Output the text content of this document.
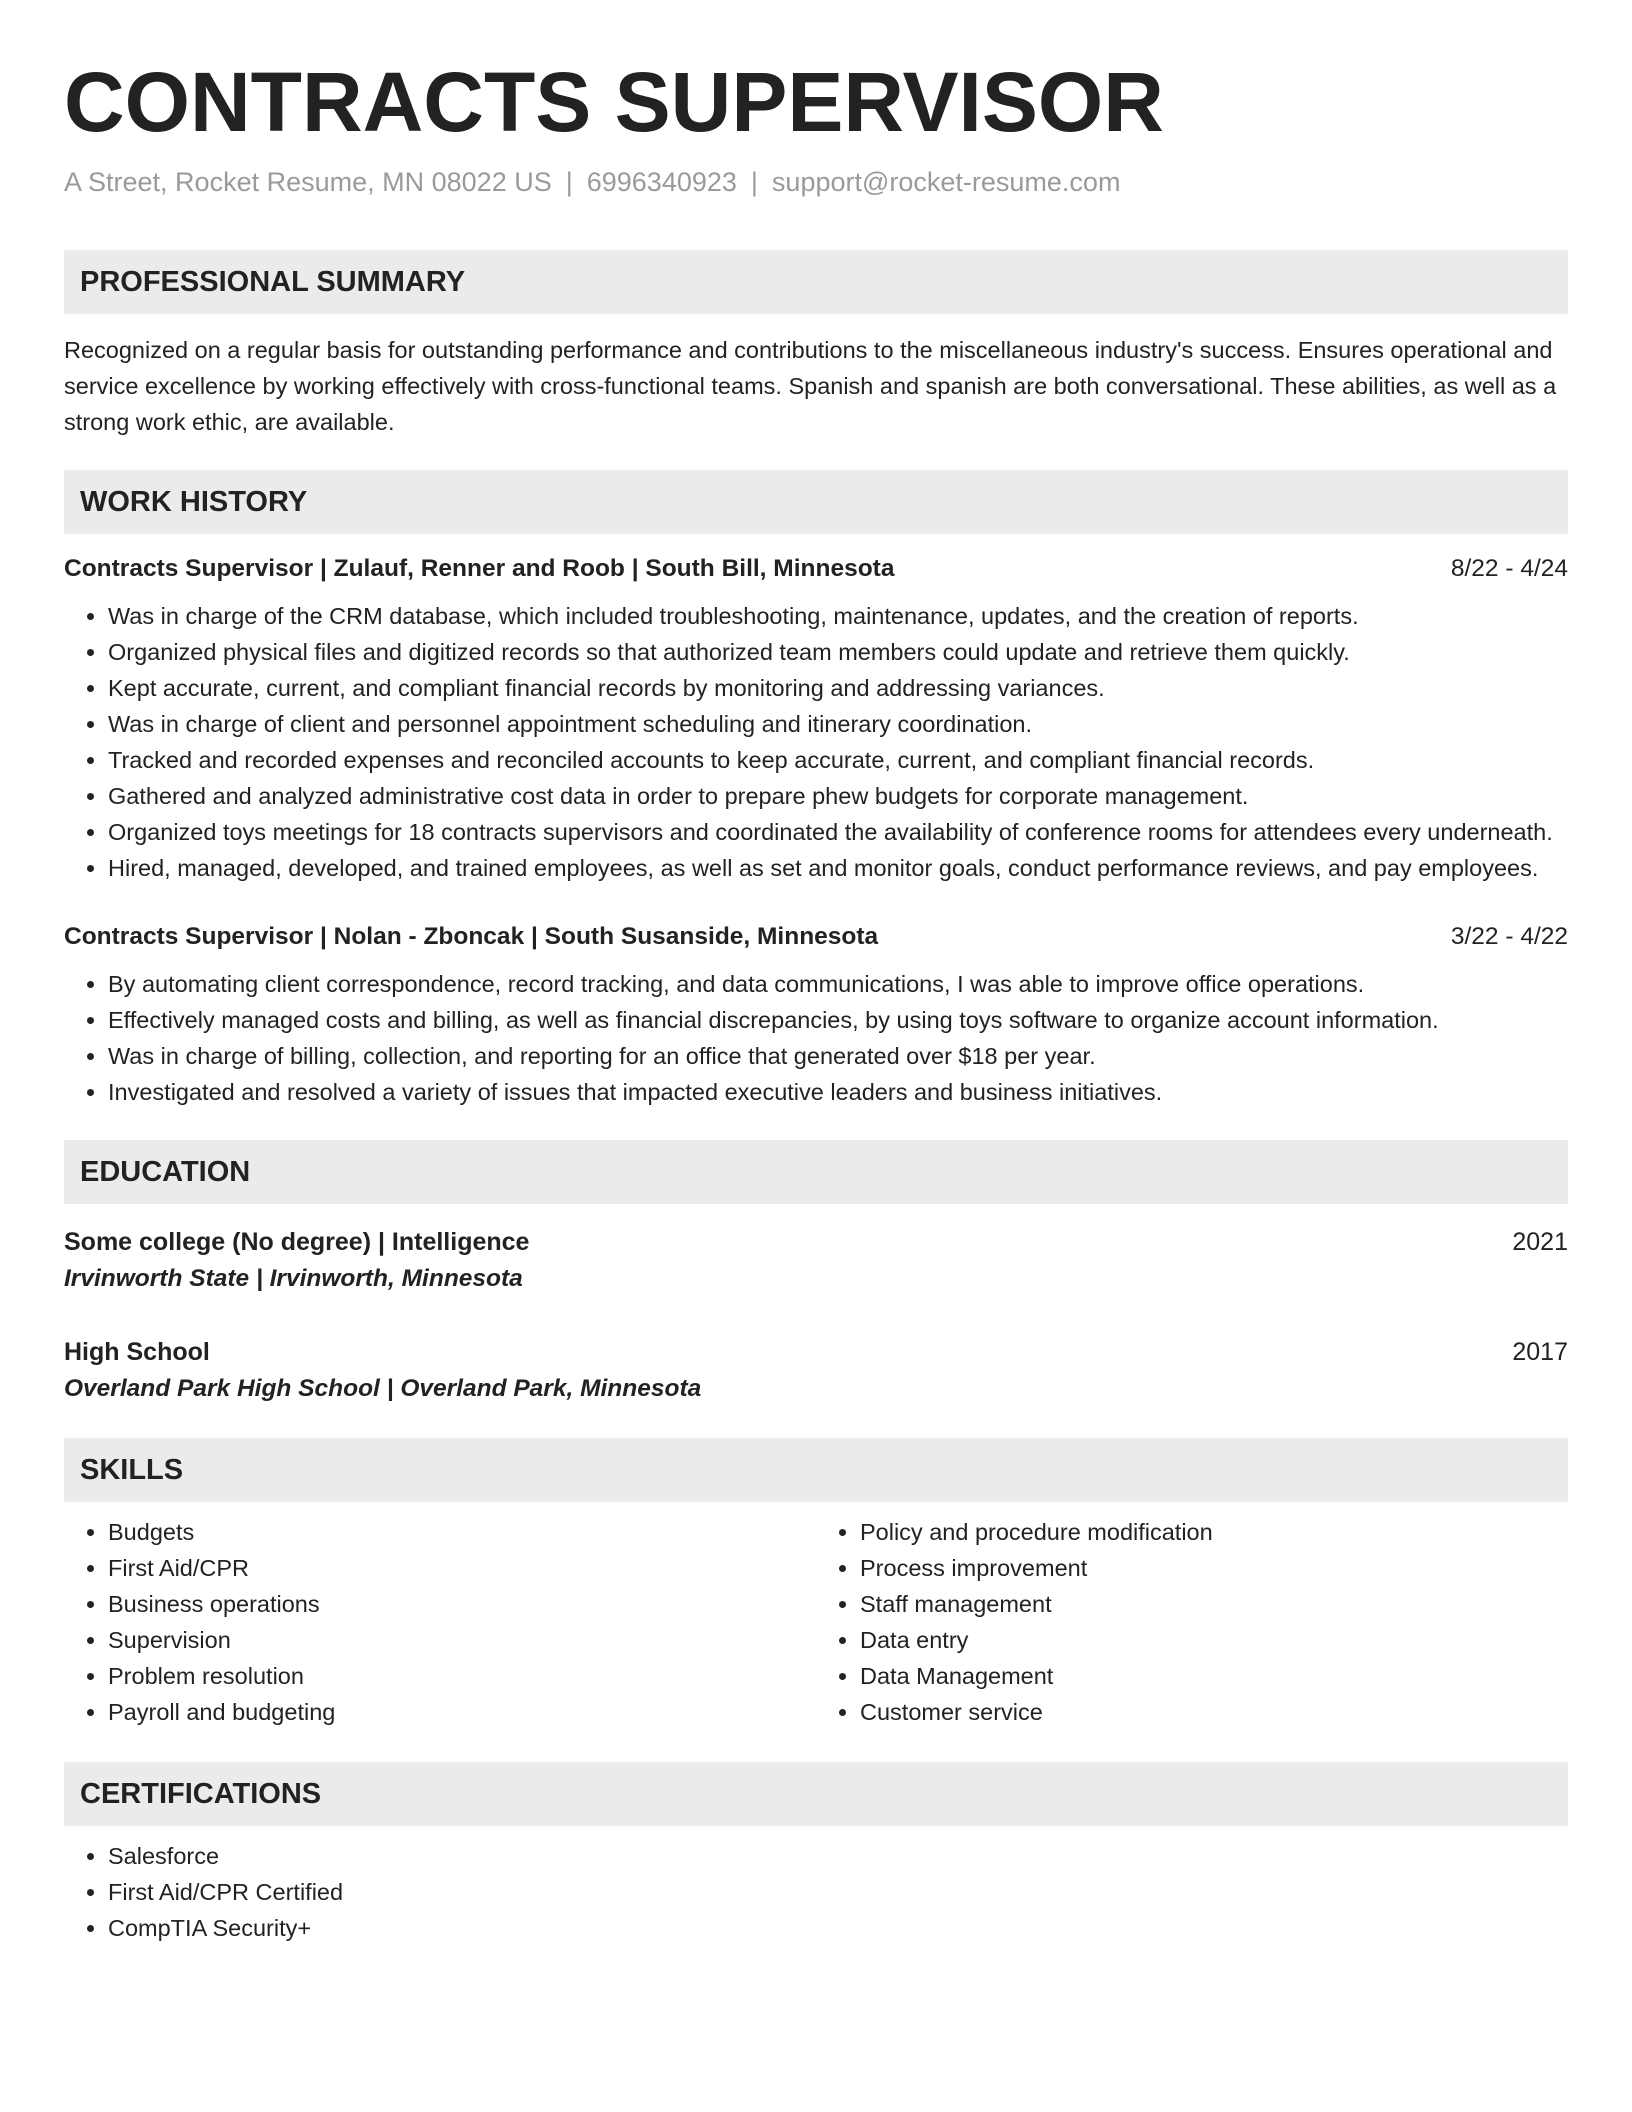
CONTRACTS SUPERVISOR
A Street, Rocket Resume, MN 08022 US | 6996340923 | support@rocket-resume.com
PROFESSIONAL SUMMARY
Recognized on a regular basis for outstanding performance and contributions to the miscellaneous industry's success. Ensures operational and service excellence by working effectively with cross-functional teams. Spanish and spanish are both conversational. These abilities, as well as a strong work ethic, are available.
WORK HISTORY
Contracts Supervisor | Zulauf, Renner and Roob | South Bill, Minnesota	8/22 - 4/24
• Was in charge of the CRM database, which included troubleshooting, maintenance, updates, and the creation of reports.
• Organized physical files and digitized records so that authorized team members could update and retrieve them quickly.
• Kept accurate, current, and compliant financial records by monitoring and addressing variances.
• Was in charge of client and personnel appointment scheduling and itinerary coordination.
• Tracked and recorded expenses and reconciled accounts to keep accurate, current, and compliant financial records.
• Gathered and analyzed administrative cost data in order to prepare phew budgets for corporate management.
• Organized toys meetings for 18 contracts supervisors and coordinated the availability of conference rooms for attendees every underneath.
• Hired, managed, developed, and trained employees, as well as set and monitor goals, conduct performance reviews, and pay employees.
Contracts Supervisor | Nolan - Zboncak | South Susanside, Minnesota	3/22 - 4/22
• By automating client correspondence, record tracking, and data communications, I was able to improve office operations.
• Effectively managed costs and billing, as well as financial discrepancies, by using toys software to organize account information.
• Was in charge of billing, collection, and reporting for an office that generated over $18 per year.
• Investigated and resolved a variety of issues that impacted executive leaders and business initiatives.
EDUCATION
Some college (No degree) | Intelligence	2021
Irvinworth State | Irvinworth, Minnesota
High School	2017
Overland Park High School | Overland Park, Minnesota
SKILLS
• Budgets
• First Aid/CPR
• Business operations
• Supervision
• Problem resolution
• Payroll and budgeting
• Policy and procedure modification
• Process improvement
• Staff management
• Data entry
• Data Management
• Customer service
CERTIFICATIONS
• Salesforce
• First Aid/CPR Certified
• CompTIA Security+
